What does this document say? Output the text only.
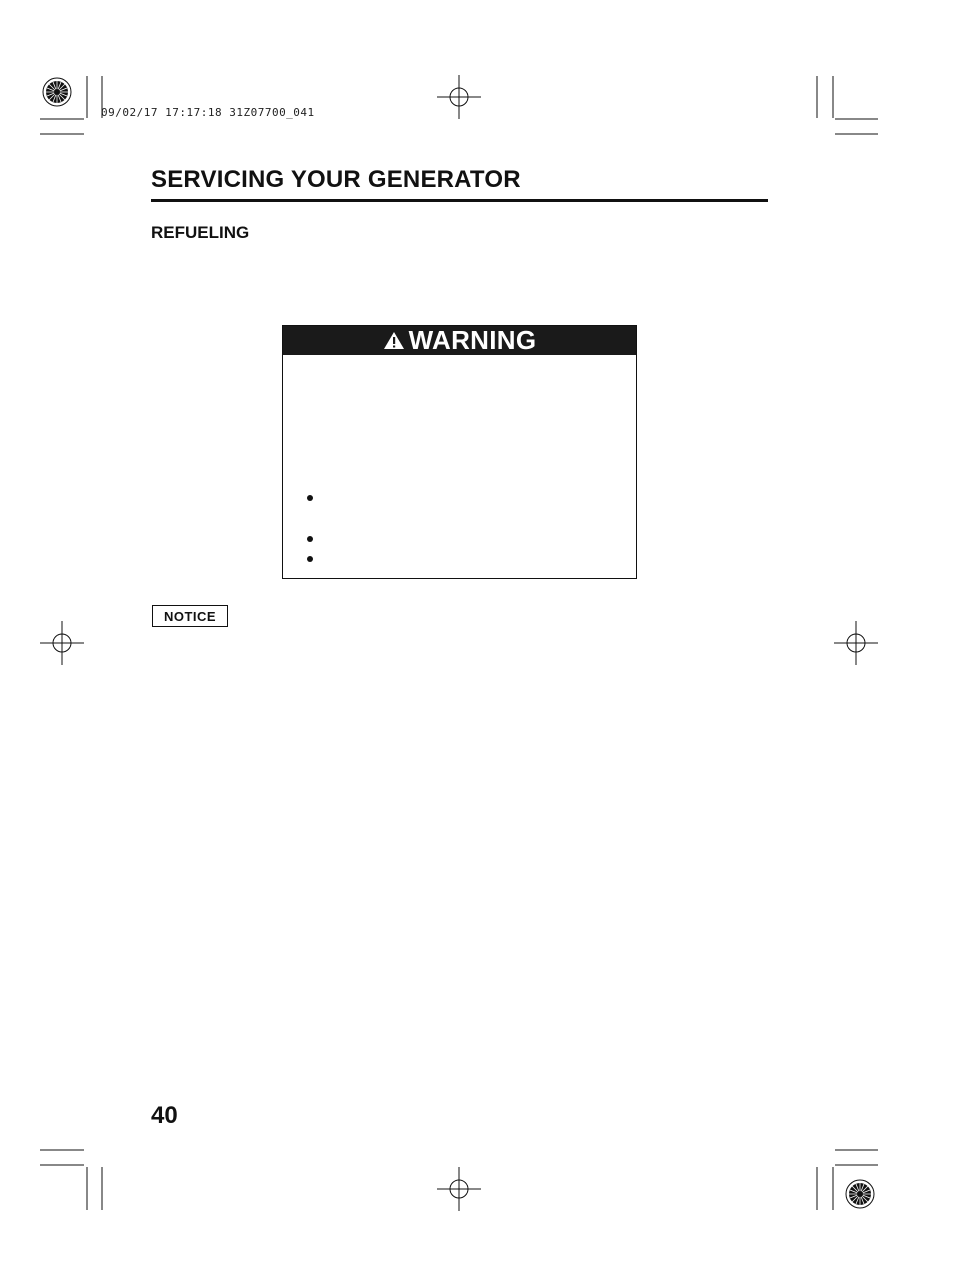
09/02/17 17:17:18 31Z07700_041
SERVICING YOUR GENERATOR
REFUELING
WARNING
NOTICE
40
